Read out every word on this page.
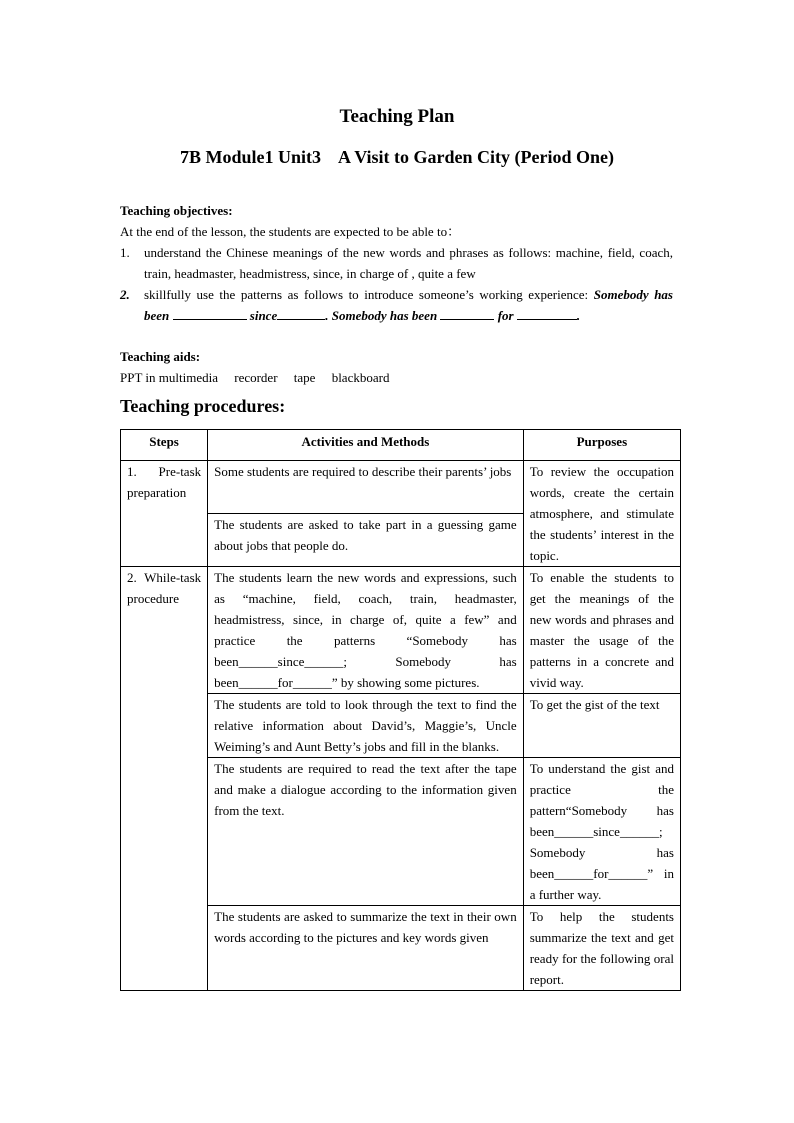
Teaching Plan
7B Module1 Unit3    A Visit to Garden City (Period One)
Teaching objectives:
At the end of the lesson, the students are expected to be able to：
1. understand the Chinese meanings of the new words and phrases as follows: machine, field, coach, train, headmaster, headmistress, since, in charge of , quite a few
2. skillfully use the patterns as follows to introduce someone’s working experience: Somebody has been	since	. Somebody has been	for	.
Teaching aids:
PPT in multimedia     recorder     tape     blackboard
Teaching procedures:
Steps	Activities and Methods	Purposes
1. Pre-task preparation	Some students are required to describe their parents’ jobs	To review the occupation words, create the certain atmosphere, and stimulate the students’ interest in the topic.
	The students are asked to take part in a guessing game about jobs that people do.	
2. While-task procedure	The students learn the new words and expressions, such as “machine, field, coach, train, headmaster, headmistress, since, in charge of, quite a few” and practice the patterns “Somebody has been______since______; Somebody has been______for______” by showing some pictures.	To enable the students to get the meanings of the new words and phrases and master the usage of the patterns in a concrete and vivid way.
	The students are told to look through the text to find the relative information about David’s, Maggie’s, Uncle Weiming’s and Aunt Betty’s jobs and fill in the blanks.	To get the gist of the text
	The students are required to read the text after the tape and make a dialogue according to the information given from the text.	To understand the gist and practice the pattern“Somebody has been______since______; Somebody has been______for______” in a further way.
	The students are asked to summarize the text in their own words according to the pictures and key words given	To help the students summarize the text and get ready for the following oral report.
